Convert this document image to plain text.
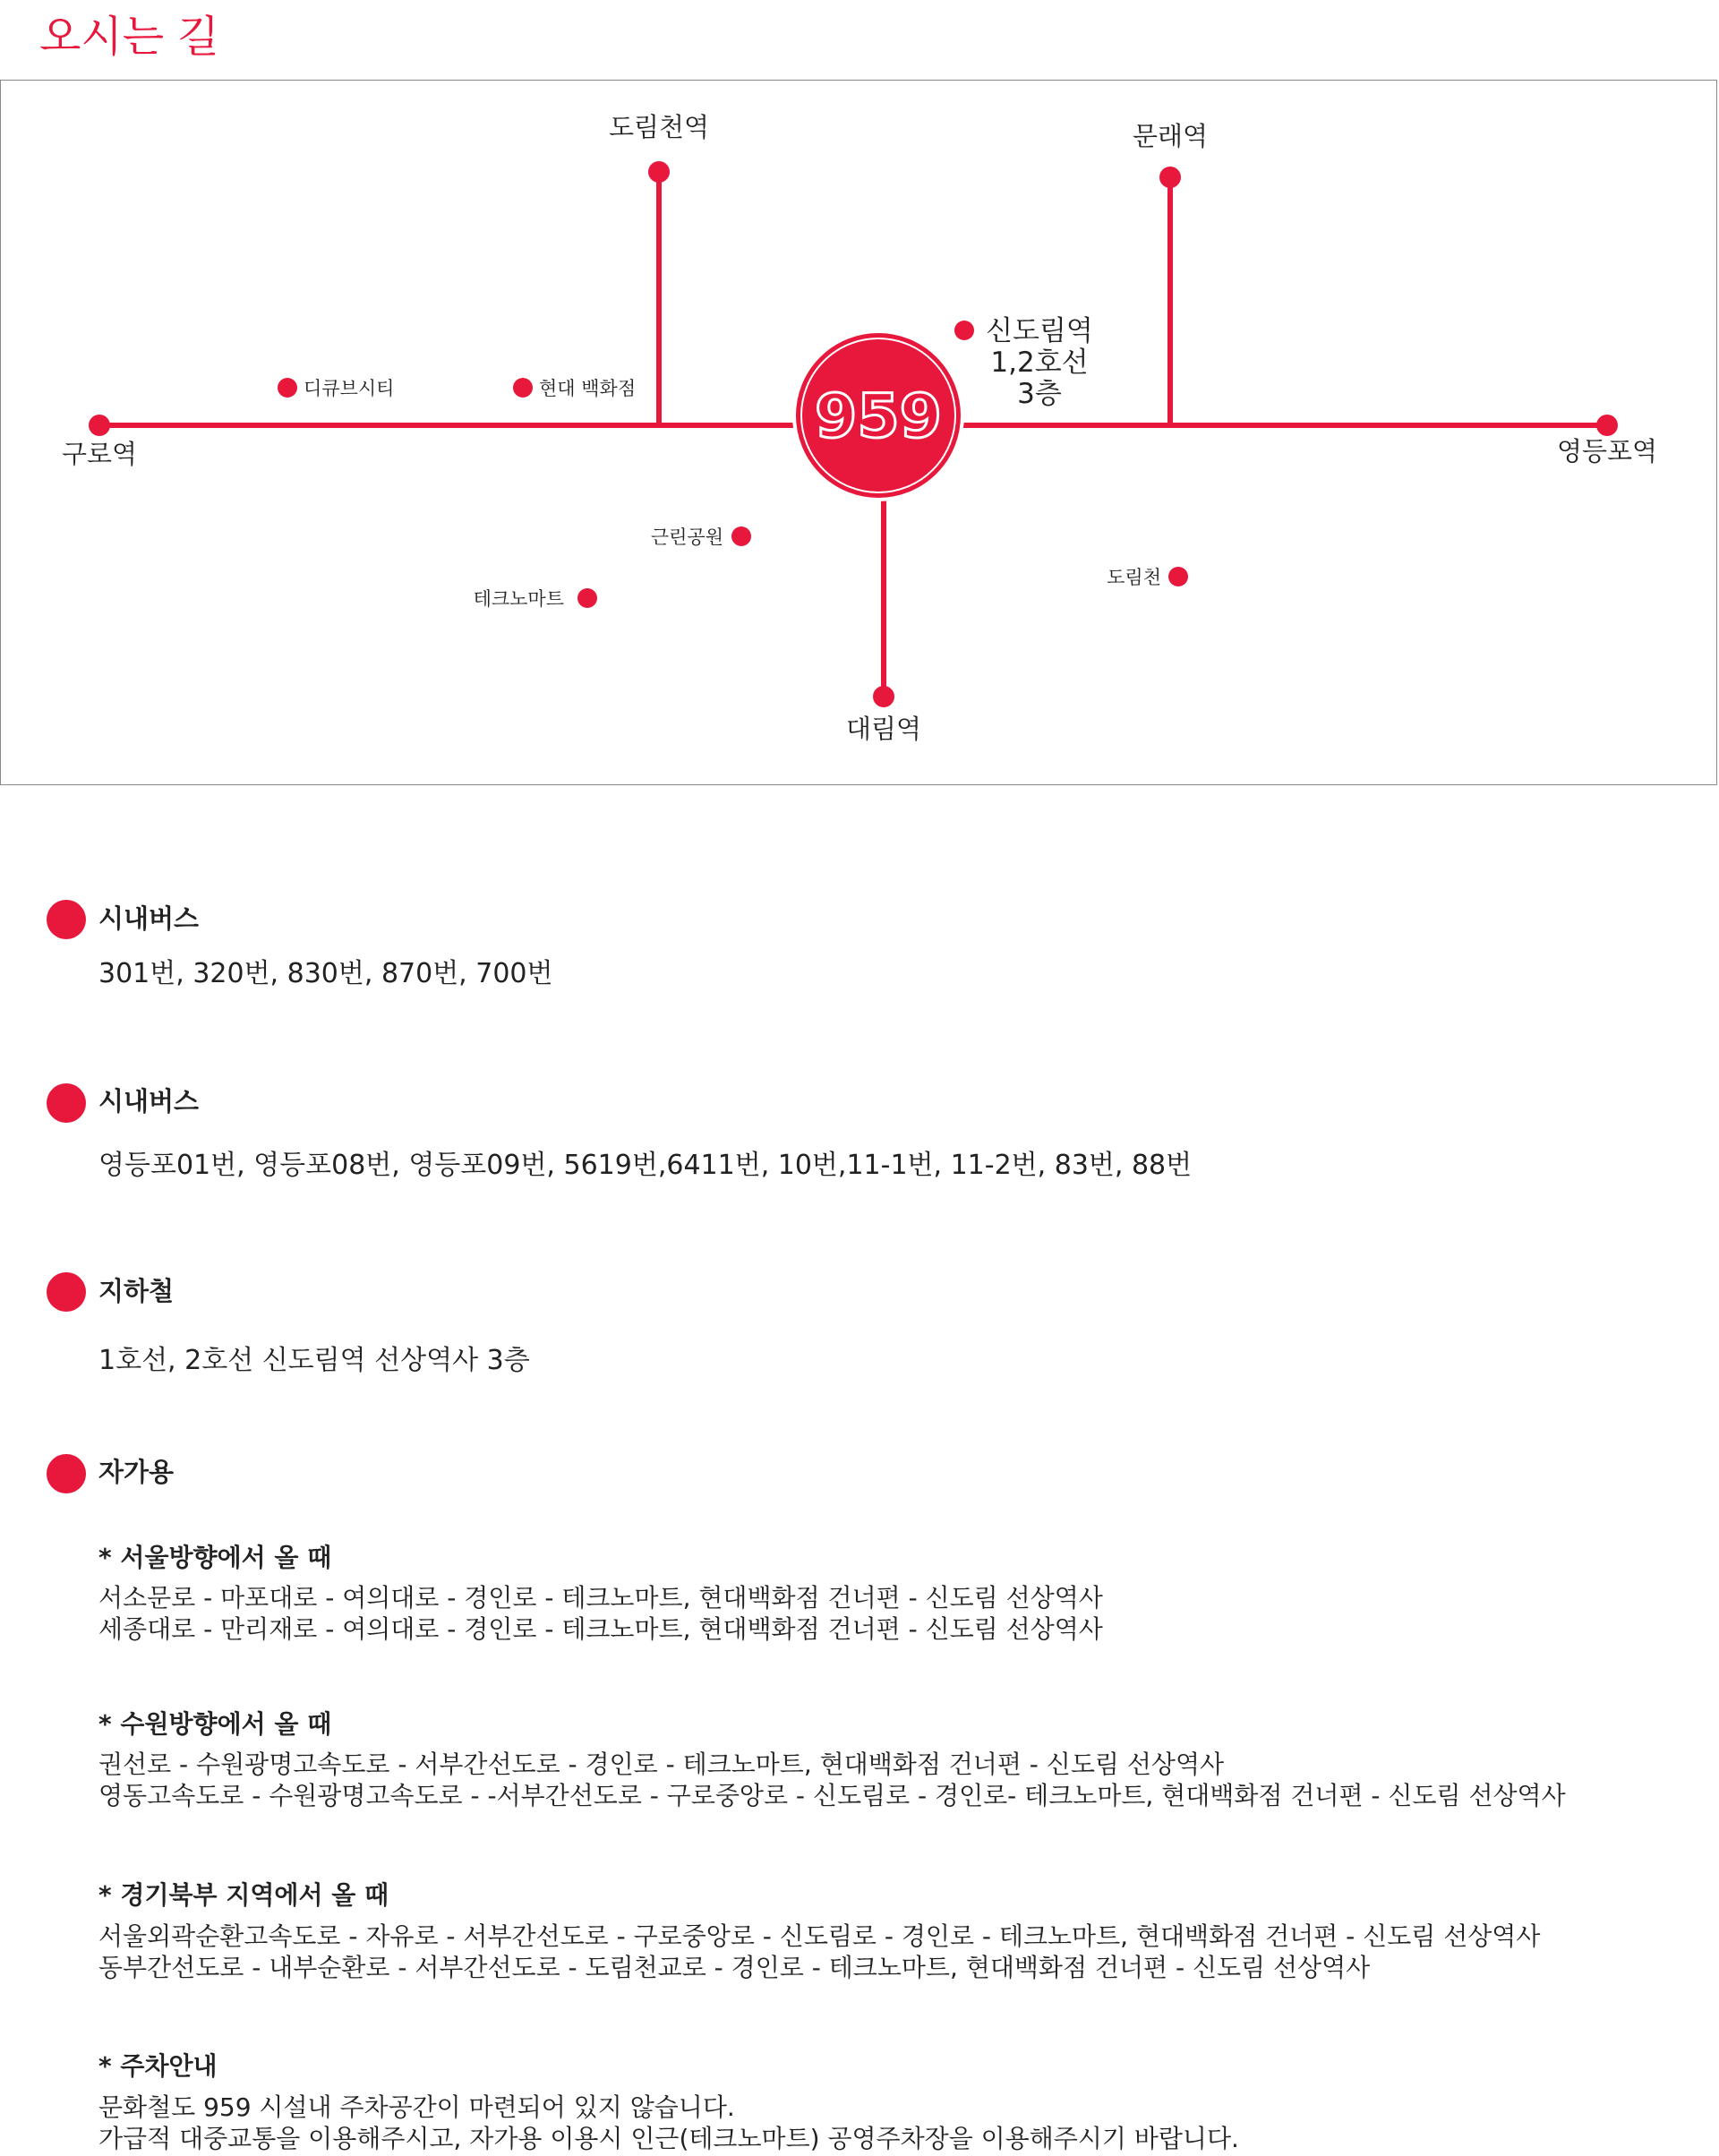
오시는 길
959
도림천역	문래역
구로역	영등포역
대림역
신도림역
1,2호선
3층
디큐브시티	현대 백화점
근린공원
테크노마트
도림천
시내버스
301번, 320번, 830번, 870번, 700번
시내버스
영등포01번, 영등포08번, 영등포09번, 5619번,6411번, 10번,11-1번, 11-2번, 83번, 88번
지하철
1호선, 2호선 신도림역 선상역사 3층
자가용
* 서울방향에서 올 때
서소문로 - 마포대로 - 여의대로 - 경인로 - 테크노마트, 현대백화점 건너편 - 신도림 선상역사
세종대로 - 만리재로 - 여의대로 - 경인로 - 테크노마트, 현대백화점 건너편 - 신도림 선상역사
* 수원방향에서 올 때
권선로 - 수원광명고속도로 - 서부간선도로 - 경인로 - 테크노마트, 현대백화점 건너편 - 신도림 선상역사
영동고속도로 - 수원광명고속도로 - -서부간선도로 - 구로중앙로 - 신도림로 - 경인로- 테크노마트, 현대백화점 건너편 - 신도림 선상역사
* 경기북부 지역에서 올 때
서울외곽순환고속도로 - 자유로 - 서부간선도로 - 구로중앙로 - 신도림로 - 경인로 - 테크노마트, 현대백화점 건너편 - 신도림 선상역사
동부간선도로 - 내부순환로 - 서부간선도로 - 도림천교로 - 경인로 - 테크노마트, 현대백화점 건너편 - 신도림 선상역사
* 주차안내
문화철도 959 시설내 주차공간이 마련되어 있지 않습니다.
가급적 대중교통을 이용해주시고, 자가용 이용시 인근(테크노마트) 공영주차장을 이용해주시기 바랍니다.
